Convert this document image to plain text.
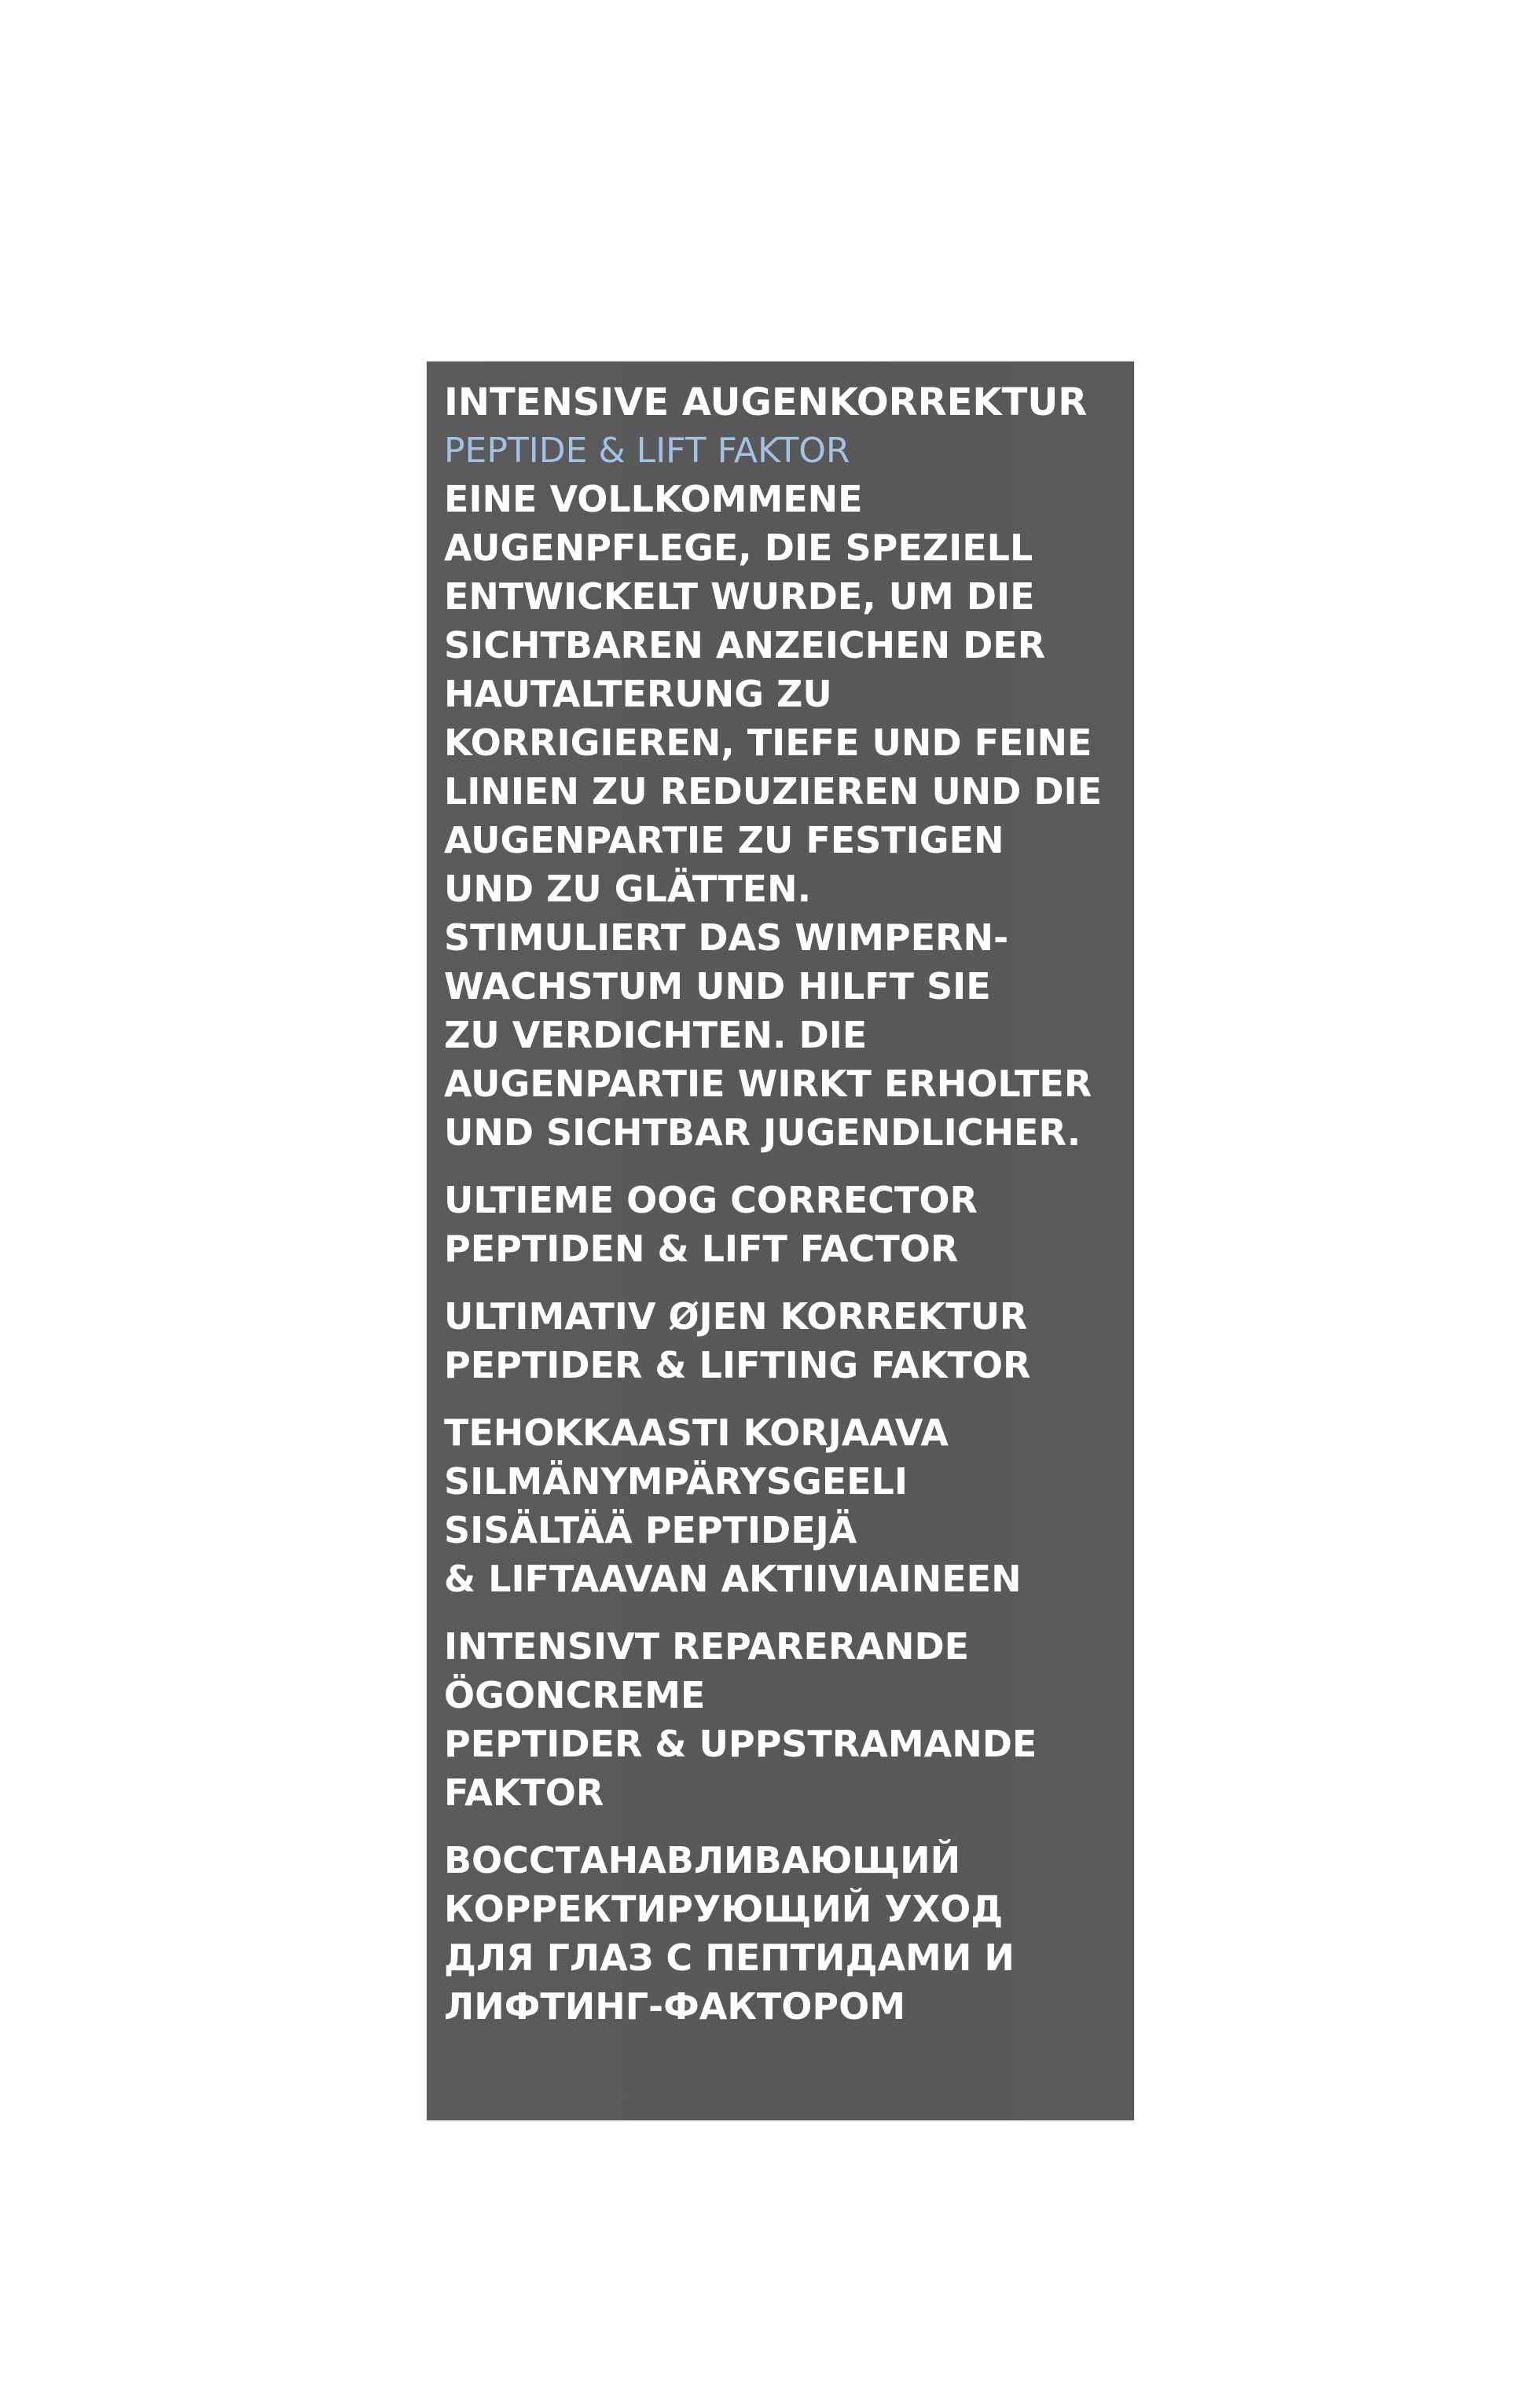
INTENSIVE AUGENKORREKTUR
PEPTIDE & LIFT FAKTOR
EINE VOLLKOMMENE
AUGENPFLEGE, DIE SPEZIELL
ENTWICKELT WURDE, UM DIE
SICHTBAREN ANZEICHEN DER
HAUTALTERUNG ZU
KORRIGIEREN, TIEFE UND FEINE
LINIEN ZU REDUZIEREN UND DIE
AUGENPARTIE ZU FESTIGEN
UND ZU GLÄTTEN.
STIMULIERT DAS WIMPERN-
WACHSTUM UND HILFT SIE
ZU VERDICHTEN. DIE
AUGENPARTIE WIRKT ERHOLTER
UND SICHTBAR JUGENDLICHER.
ULTIEME OOG CORRECTOR
PEPTIDEN & LIFT FACTOR
ULTIMATIV ØJEN KORREKTUR
PEPTIDER & LIFTING FAKTOR
TEHOKKAASTI KORJAAVA
SILMÄNYMPÄRYSGEELI
SISÄLTÄÄ PEPTIDEJÄ
& LIFTAAVAN AKTIIVIAINEEN
INTENSIVT REPARERANDE
ÖGONCREME
PEPTIDER & UPPSTRAMANDE
FAKTOR
ВОССТАНАВЛИВАЮЩИЙ
КОРРЕКТИРУЮЩИЙ УХОД
ДЛЯ ГЛАЗ С ПЕПТИДАМИ И
ЛИФТИНГ-ФАКТОРОМ
